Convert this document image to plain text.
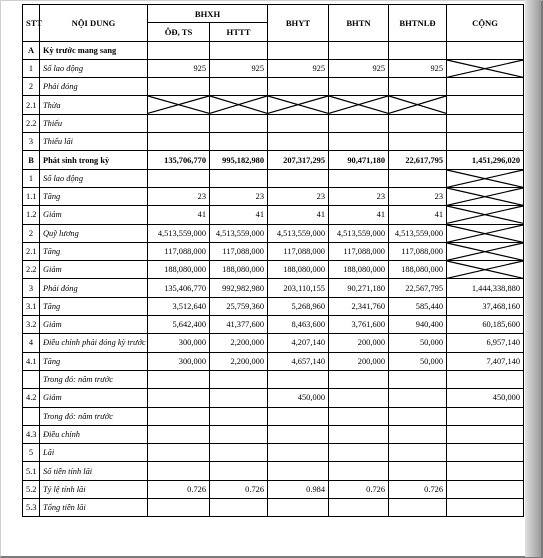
STT	NỘI DUNG	BHXH		BHYT	BHTN	BHTNLĐ	CỘNG
		ÔĐ, TS	HTTT				
A	Kỳ trước mang sang						
1	Số lao động	925	925	925	925	925	

2	Phải đóng						
2.1	Thừa	

2.2	Thiếu						
3	Thiếu lãi						
B	Phát sinh trong kỳ	135,706,770	995,182,980	207,317,295	90,471,180	22,617,795	1,451,296,020
1	Số lao động						

1.1	Tăng	23	23	23	23	23	

1.2	Giảm	41	41	41	41	41	

2	Quỹ lương	4,513,559,000	4,513,559,000	4,513,559,000	4,513,559,000	4,513,559,000	

2.1	Tăng	117,088,000	117,088,000	117,088,000	117,088,000	117,088,000	

2.2	Giảm	188,080,000	188,080,000	188,080,000	188,080,000	188,080,000	

3	Phải đóng	135,406,770	992,982,980	203,110,155	90,271,180	22,567,795	1,444,338,880
3.1	Tăng	3,512,640	25,759,360	5,268,960	2,341,760	585,440	37,468,160
3.2	Giảm	5,642,400	41,377,600	8,463,600	3,761,600	940,400	60,185,600
4	Điều chỉnh phải đóng kỳ trước	300,000	2,200,000	4,207,140	200,000	50,000	6,957,140
4.1	Tăng	300,000	2,200,000	4,657,140	200,000	50,000	7,407,140
	Trong đó: năm trước						
4.2	Giảm			450,000			450,000
	Trong đó: năm trước						
4.3	Điều chỉnh						
5	Lãi						
5.1	Số tiền tính lãi						
5.2	Tỷ lệ tính lãi	0.726	0.726	0.984	0.726	0.726	
5.3	Tổng tiền lãi						
